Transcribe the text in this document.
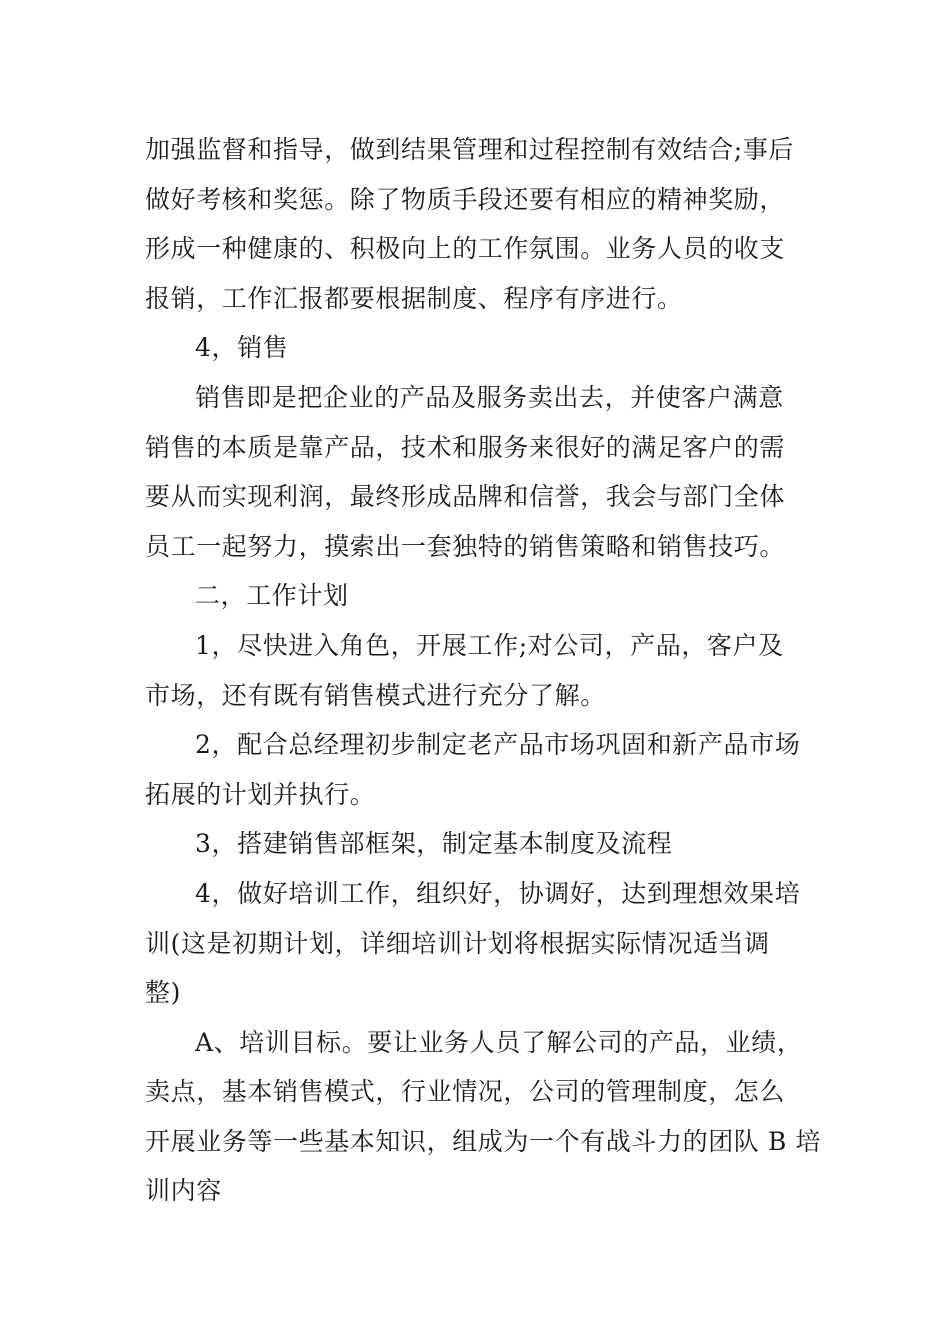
加强监督和指导，做到结果管理和过程控制有效结合;事后
做好考核和奖惩。除了物质手段还要有相应的精神奖励，
形成一种健康的、积极向上的工作氛围。业务人员的收支
报销，工作汇报都要根据制度、程序有序进行。
4，销售
销售即是把企业的产品及服务卖出去，并使客户满意
销售的本质是靠产品，技术和服务来很好的满足客户的需
要从而实现利润，最终形成品牌和信誉，我会与部门全体
员工一起努力，摸索出一套独特的销售策略和销售技巧。
二，工作计划
1，尽快进入角色，开展工作;对公司，产品，客户及
市场，还有既有销售模式进行充分了解。
2，配合总经理初步制定老产品市场巩固和新产品市场
拓展的计划并执行。
3，搭建销售部框架，制定基本制度及流程
4，做好培训工作，组织好，协调好，达到理想效果培
训(这是初期计划，详细培训计划将根据实际情况适当调
整)
A、培训目标。要让业务人员了解公司的产品，业绩，
卖点，基本销售模式，行业情况，公司的管理制度，怎么
开展业务等一些基本知识，组成为一个有战斗力的团队 B 培
训内容
